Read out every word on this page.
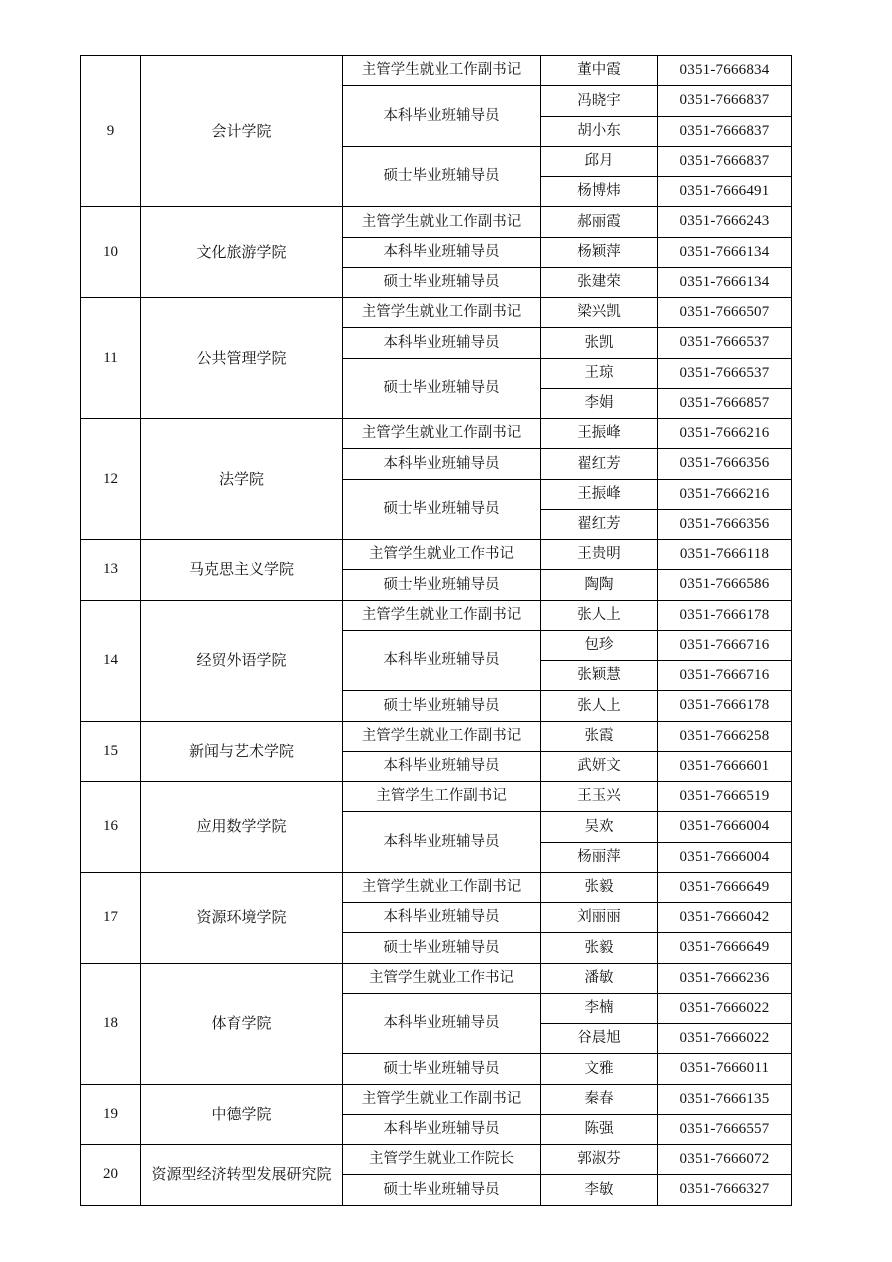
9	会计学院	主管学生就业工作副书记	董中霞	0351-7666834
		本科毕业班辅导员	冯晓宇	0351-7666837
			胡小东	0351-7666837
		硕士毕业班辅导员	邱月	0351-7666837
			杨博炜	0351-7666491
10	文化旅游学院	主管学生就业工作副书记	郝丽霞	0351-7666243
		本科毕业班辅导员	杨颖萍	0351-7666134
		硕士毕业班辅导员	张建荣	0351-7666134
11	公共管理学院	主管学生就业工作副书记	梁兴凯	0351-7666507
		本科毕业班辅导员	张凯	0351-7666537
		硕士毕业班辅导员	王琼	0351-7666537
			李娟	0351-7666857
12	法学院	主管学生就业工作副书记	王振峰	0351-7666216
		本科毕业班辅导员	翟红芳	0351-7666356
		硕士毕业班辅导员	王振峰	0351-7666216
			翟红芳	0351-7666356
13	马克思主义学院	主管学生就业工作书记	王贵明	0351-7666118
		硕士毕业班辅导员	陶陶	0351-7666586
14	经贸外语学院	主管学生就业工作副书记	张人上	0351-7666178
		本科毕业班辅导员	包珍	0351-7666716
			张颖慧	0351-7666716
		硕士毕业班辅导员	张人上	0351-7666178
15	新闻与艺术学院	主管学生就业工作副书记	张霞	0351-7666258
		本科毕业班辅导员	武妍文	0351-7666601
16	应用数学学院	主管学生工作副书记	王玉兴	0351-7666519
		本科毕业班辅导员	吴欢	0351-7666004
			杨丽萍	0351-7666004
17	资源环境学院	主管学生就业工作副书记	张毅	0351-7666649
		本科毕业班辅导员	刘丽丽	0351-7666042
		硕士毕业班辅导员	张毅	0351-7666649
18	体育学院	主管学生就业工作书记	潘敏	0351-7666236
		本科毕业班辅导员	李楠	0351-7666022
			谷晨旭	0351-7666022
		硕士毕业班辅导员	文雅	0351-7666011
19	中德学院	主管学生就业工作副书记	秦春	0351-7666135
		本科毕业班辅导员	陈强	0351-7666557
20	资源型经济转型发展研究院	主管学生就业工作院长	郭淑芬	0351-7666072
		硕士毕业班辅导员	李敏	0351-7666327
